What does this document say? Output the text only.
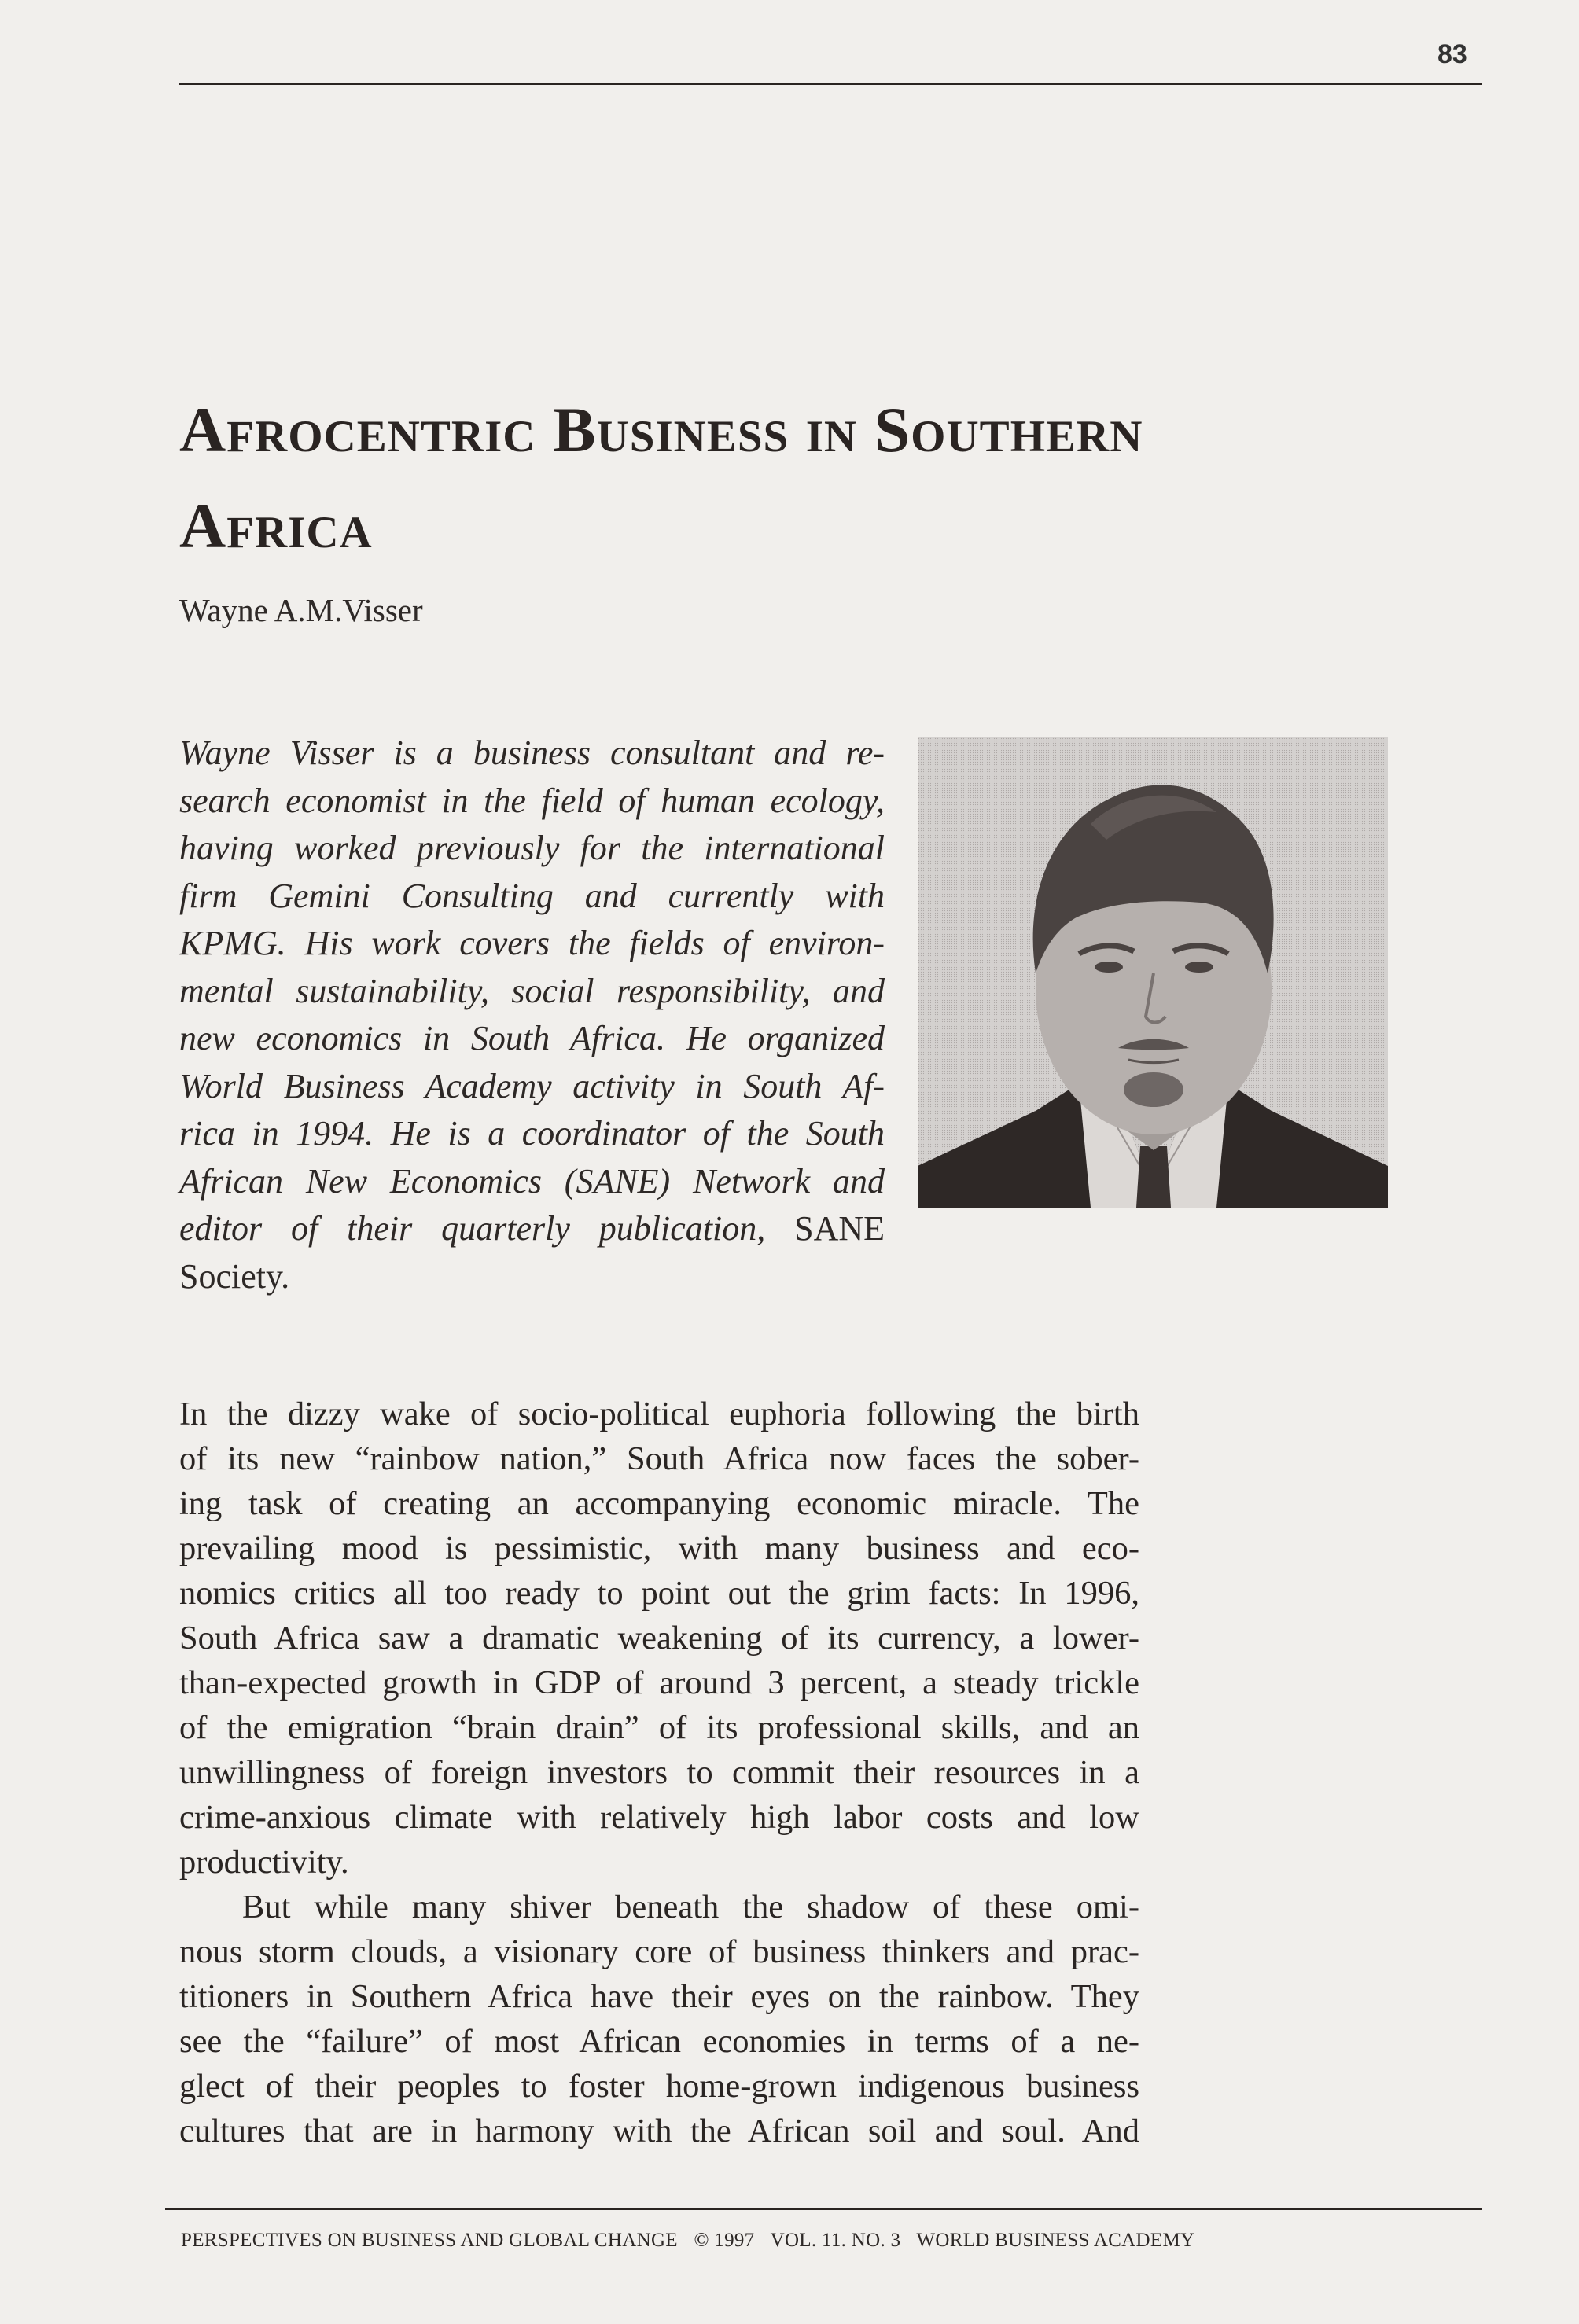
83
Afrocentric Business in Southern
Africa
Wayne A.M.Visser
Wayne Visser is a business consultant and re-
search economist in the field of human ecology,
having worked previously for the international
firm Gemini Consulting and currently with
KPMG. His work covers the fields of environ-
mental sustainability, social responsibility, and
new economics in South Africa. He organized
World Business Academy activity in South Af-
rica in 1994. He is a coordinator of the South
African New Economics (SANE) Network and
editor of their quarterly publication, SANE
Society.
In the dizzy wake of socio-political euphoria following the birth
of its new “rainbow nation,” South Africa now faces the sober-
ing task of creating an accompanying economic miracle. The
prevailing mood is pessimistic, with many business and eco-
nomics critics all too ready to point out the grim facts: In 1996,
South Africa saw a dramatic weakening of its currency, a lower-
than-expected growth in GDP of around 3 percent, a steady trickle
of the emigration “brain drain” of its professional skills, and an
unwillingness of foreign investors to commit their resources in a
crime-anxious climate with relatively high labor costs and low
productivity.
But while many shiver beneath the shadow of these omi-
nous storm clouds, a visionary core of business thinkers and prac-
titioners in Southern Africa have their eyes on the rainbow. They
see the “failure” of most African economies in terms of a ne-
glect of their peoples to foster home-grown indigenous business
cultures that are in harmony with the African soil and soul. And
PERSPECTIVES ON BUSINESS AND GLOBAL CHANGE © 1997 VOL. 11. NO. 3 WORLD BUSINESS ACADEMY
